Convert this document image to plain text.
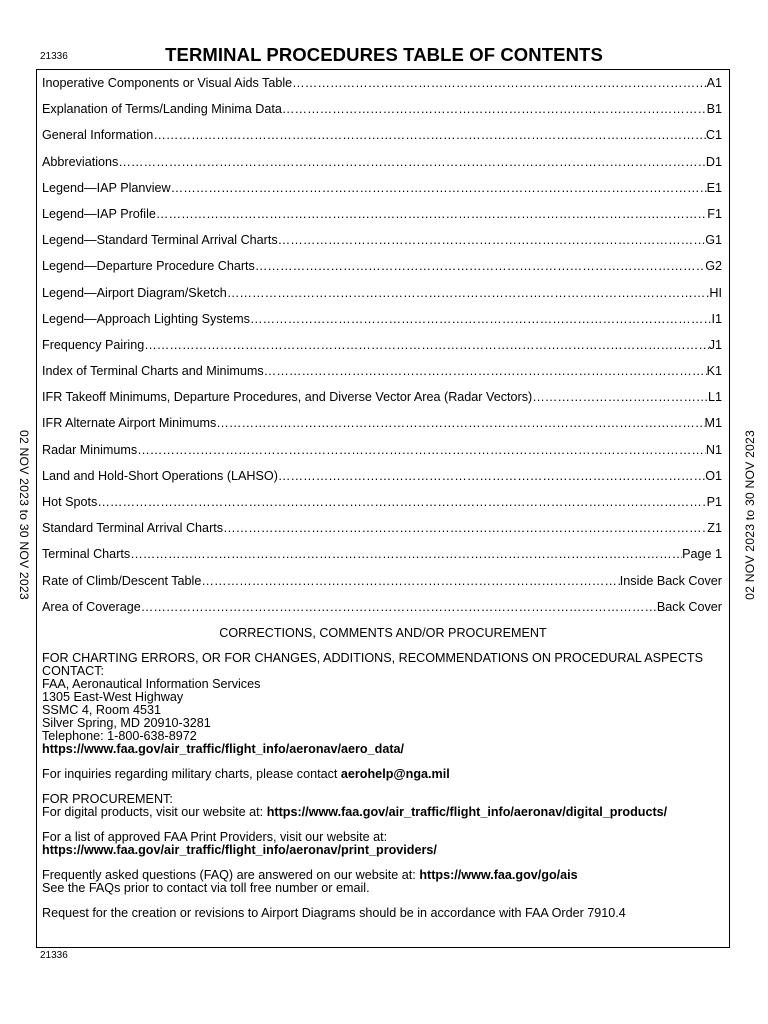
21336	TERMINAL PROCEDURES TABLE OF CONTENTS
Inoperative Components or Visual Aids Table ……………………………………………………………………………………………………………………………………………………………………………………	A1
Explanation of Terms/Landing Minima Data ……………………………………………………………………………………………………………………………………………………………………………………	B1
General Information ……………………………………………………………………………………………………………………………………………………………………………………	C1
Abbreviations ……………………………………………………………………………………………………………………………………………………………………………………	D1
Legend—IAP Planview ……………………………………………………………………………………………………………………………………………………………………………………	E1
Legend—IAP Profile ……………………………………………………………………………………………………………………………………………………………………………………	F1
Legend—Standard Terminal Arrival Charts ……………………………………………………………………………………………………………………………………………………………………………………	G1
Legend—Departure Procedure Charts ……………………………………………………………………………………………………………………………………………………………………………………	G2
Legend—Airport Diagram/Sketch ……………………………………………………………………………………………………………………………………………………………………………………	HI
Legend—Approach Lighting Systems ……………………………………………………………………………………………………………………………………………………………………………………	I1
Frequency Pairing ……………………………………………………………………………………………………………………………………………………………………………………	J1
Index of Terminal Charts and Minimums ……………………………………………………………………………………………………………………………………………………………………………………	K1
IFR Takeoff Minimums, Departure Procedures, and Diverse Vector Area (Radar Vectors) ……………………………………………………………………………………………………………………………………………………………………………………	L1
IFR Alternate Airport Minimums ……………………………………………………………………………………………………………………………………………………………………………………	M1
Radar Minimums ……………………………………………………………………………………………………………………………………………………………………………………	N1
Land and Hold-Short Operations (LAHSO) ……………………………………………………………………………………………………………………………………………………………………………………	O1
Hot Spots ……………………………………………………………………………………………………………………………………………………………………………………	P1
Standard Terminal Arrival Charts ……………………………………………………………………………………………………………………………………………………………………………………	Z1
Terminal Charts ……………………………………………………………………………………………………………………………………………………………………………………	Page 1
Rate of Climb/Descent Table ……………………………………………………………………………………………………………………………………………………………………………………	Inside Back Cover
Area of Coverage ……………………………………………………………………………………………………………………………………………………………………………………	Back Cover
CORRECTIONS, COMMENTS AND/OR PROCUREMENT

FOR CHARTING ERRORS, OR FOR CHANGES, ADDITIONS, RECOMMENDATIONS ON PROCEDURAL ASPECTS CONTACT:
FAA, Aeronautical Information Services
1305 East-West Highway
SSMC 4, Room 4531
Silver Spring, MD 20910-3281
Telephone: 1-800-638-8972
https://www.faa.gov/air_traffic/flight_info/aeronav/aero_data/

For inquiries regarding military charts, please contact aerohelp@nga.mil

FOR PROCUREMENT:
For digital products, visit our website at: https://www.faa.gov/air_traffic/flight_info/aeronav/digital_products/

For a list of approved FAA Print Providers, visit our website at:
https://www.faa.gov/air_traffic/flight_info/aeronav/print_providers/

Frequently asked questions (FAQ) are answered on our website at: https://www.faa.gov/go/ais
See the FAQs prior to contact via toll free number or email.

Request for the creation or revisions to Airport Diagrams should be in accordance with FAA Order 7910.4

21336
02 NOV 2023 to 30 NOV 2023	02 NOV 2023 to 30 NOV 2023
